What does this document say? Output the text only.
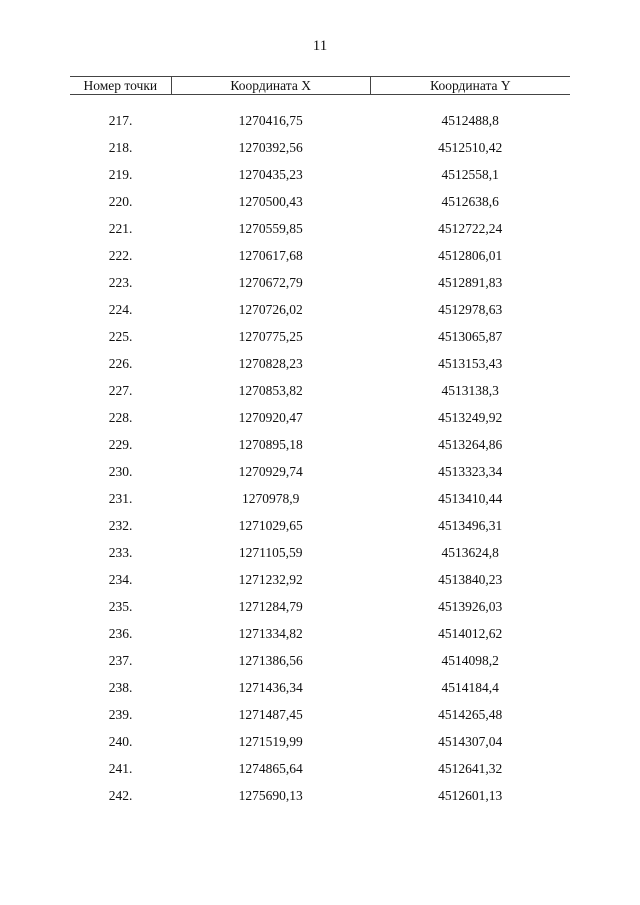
11
Номер точки	Координата X	Координата Y

217.	1270416,75	4512488,8
218.	1270392,56	4512510,42
219.	1270435,23	4512558,1
220.	1270500,43	4512638,6
221.	1270559,85	4512722,24
222.	1270617,68	4512806,01
223.	1270672,79	4512891,83
224.	1270726,02	4512978,63
225.	1270775,25	4513065,87
226.	1270828,23	4513153,43
227.	1270853,82	4513138,3
228.	1270920,47	4513249,92
229.	1270895,18	4513264,86
230.	1270929,74	4513323,34
231.	1270978,9	4513410,44
232.	1271029,65	4513496,31
233.	1271105,59	4513624,8
234.	1271232,92	4513840,23
235.	1271284,79	4513926,03
236.	1271334,82	4514012,62
237.	1271386,56	4514098,2
238.	1271436,34	4514184,4
239.	1271487,45	4514265,48
240.	1271519,99	4514307,04
241.	1274865,64	4512641,32
242.	1275690,13	4512601,13
